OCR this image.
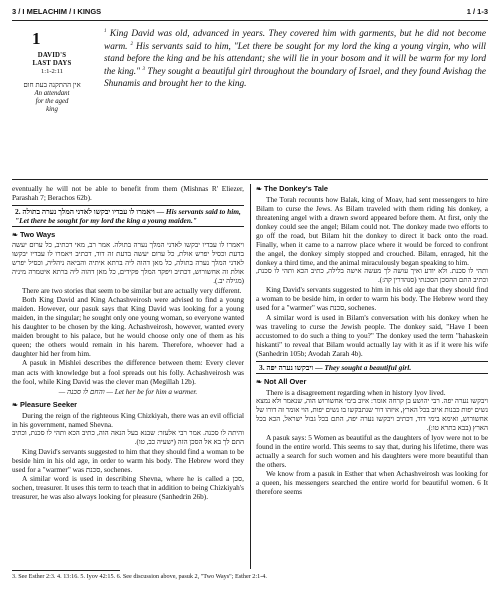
3 / I MELACHIM / I KINGS	1 / 1-3
1
DAVID'S
LAST DAYS
1:1-2:11
אין ההתקנה בעת חום
An attendant
for the aged
king

$^1$ King David was old, advanced in years. They covered him with garments, but he did not become warm. $^2$ His servants said to him, "Let there be sought for my lord the king a young virgin, who will stand before the king and be his attendant; she will lie in your bosom and it will be warm for my lord the king." $^3$ They sought a beautiful girl throughout the boundary of Israel, and they found Avishag the Shunamis and brought her to the king.

eventually he will not be able to benefit from them (Mishnas R' Eliezer, Parashah 7; Berachos 62b).

2. ויאמרו לו עבדיו יבקשו לאדני המלך נערה בתולה — His servants said to him, "Let there be sought for my lord the king a young maiden."
❧ Two Ways

ויאמרו לו עבדיו יבקשו לאדני המלך נערה בתולה. אמר רב, מאי דכתיב, כל ערום יעשה בדעת וכסיל יפרש אולת, כל ערום יעשה בדעת זה דוד, דכתיב ויאמרו לו עבדיו יבקשו לאדני המלך נערה בתולה, כל מאן דהוה ליה ברתא איתיה והביאה ניהליה, וכסיל יפרש אולת זה אחשורוש, דכתיב ויפקד המלך פקידים, כל מאן דהוה ליה ברתא איטמרה מיניה (מגילה יב.).

There are two stories that seem to be similar but are actually very different.

Both King David and King Achashveirosh were advised to find a young maiden. However, our pasuk says that King David was looking for a young maiden, in the singular; he sought only one young woman, so everyone wanted his daughter to be chosen by the king. Achashveirosh, however, wanted every maiden brought to his palace, but he would choose only one of them as his queen; the others would remain in his harem. Therefore, whoever had a daughter hid her from him.

A pasuk in Mishlei describes the difference between them: Every clever man acts with knowledge but a fool spreads out his folly. Achashveirosh was the fool, while King David was the clever man (Megillah 12b).

— והחם לו סכנה — Let her be for him a warmer.

❧ Pleasure Seeker

During the reign of the righteous King Chizkiyah, there was an evil official in his government, named Shevna.

והיתה לו סכנה. אמר רבי אלעזר: שבנא בעל הנאה הוה, כתיב הכא ותהי לו סכנת, וכתיב התם לך בא אל הסכן הזה (ישעיה כב, טו).

King David's servants suggested to him that they should find a woman to be beside him in his old age, in order to warm his body. The Hebrew word they used for a "warmer" was סכנת, sochenes.

A similar word is used in describing Shevna, where he is called a סכן, sochen, treasurer. It uses this term to teach that in addition to being Chizkiyah's treasurer, he was also always looking for pleasure (Sanhedrin 26b).

❧ The Donkey's Tale

The Torah recounts how Balak, king of Moav, had sent messengers to hire Bilam to curse the Jews. As Bilam traveled with them riding his donkey, a threatening angel with a drawn sword appeared before them. At first, only the donkey could see the angel; Bilam could not. The donkey made two efforts to go off the road, but Bilam hit the donkey to direct it back onto the road. Finally, when it came to a narrow place where it would be forced to confront the angel, the donkey simply stopped and crouched. Bilam, enraged, hit the donkey a third time, and the animal miraculously began speaking to him.

ותהי לו סכנת. ולא יודע ואיך עושה לך מעשה אישה בלילה, כתיב הכא ותהי לו סכנת, וכתיב התם ההסכן הסכנתי (סנהדרין קה:).

King David's servants suggested to him in his old age that they should find a woman to be beside him, in order to warm his body. The Hebrew word they used for a "warmer" was סכנת, sochenes.

A similar word is used in Bilam's conversation with his donkey when he was traveling to curse the Jewish people. The donkey said, "Have I been accustomed to do such a thing to you?" The donkey used the term "hahaskein hiskanti" to reveal that Bilam would actually lay with it as if it were his wife (Sanhedrin 105b; Avodah Zarah 4b).

3. — ויבקשו נערה יפה They sought a beautiful girl.
❧ Not All Over

There is a disagreement regarding when in history lyov lived.

ויבקשו נערה יפה. רבי יהושע בן קרחה אומר: איוב בימי אחשורוש הוה, שנאמר ולא נמצא נשים יפות כבנות איוב בכל הארץ, איזהו דור שנתבקשו בו נשים יפות, הוי אומר זה דורו של אחשורוש, ואימא בימי דוד, דכתיב ויבקשו נערה יפה, התם בכל גבול ישראל, הכא בכל הארץ (בבא בתרא טו:).

A pasuk says: 5 Women as beautiful as the daughters of lyov were not to be found in the entire world. This seems to say that, during his lifetime, there was actually a search for such women and his daughters were more beautiful than the others.

We know from a pasuk in Esther that when Achashveirosh was looking for a queen, his messengers searched the entire world for beautiful women. 6 It therefore seems

3. See Esther 2:3. 4. 13:16. 5. Iyov 42:15. 6. See discussion above, pasuk 2, "Two Ways"; Esther 2:1-4.
